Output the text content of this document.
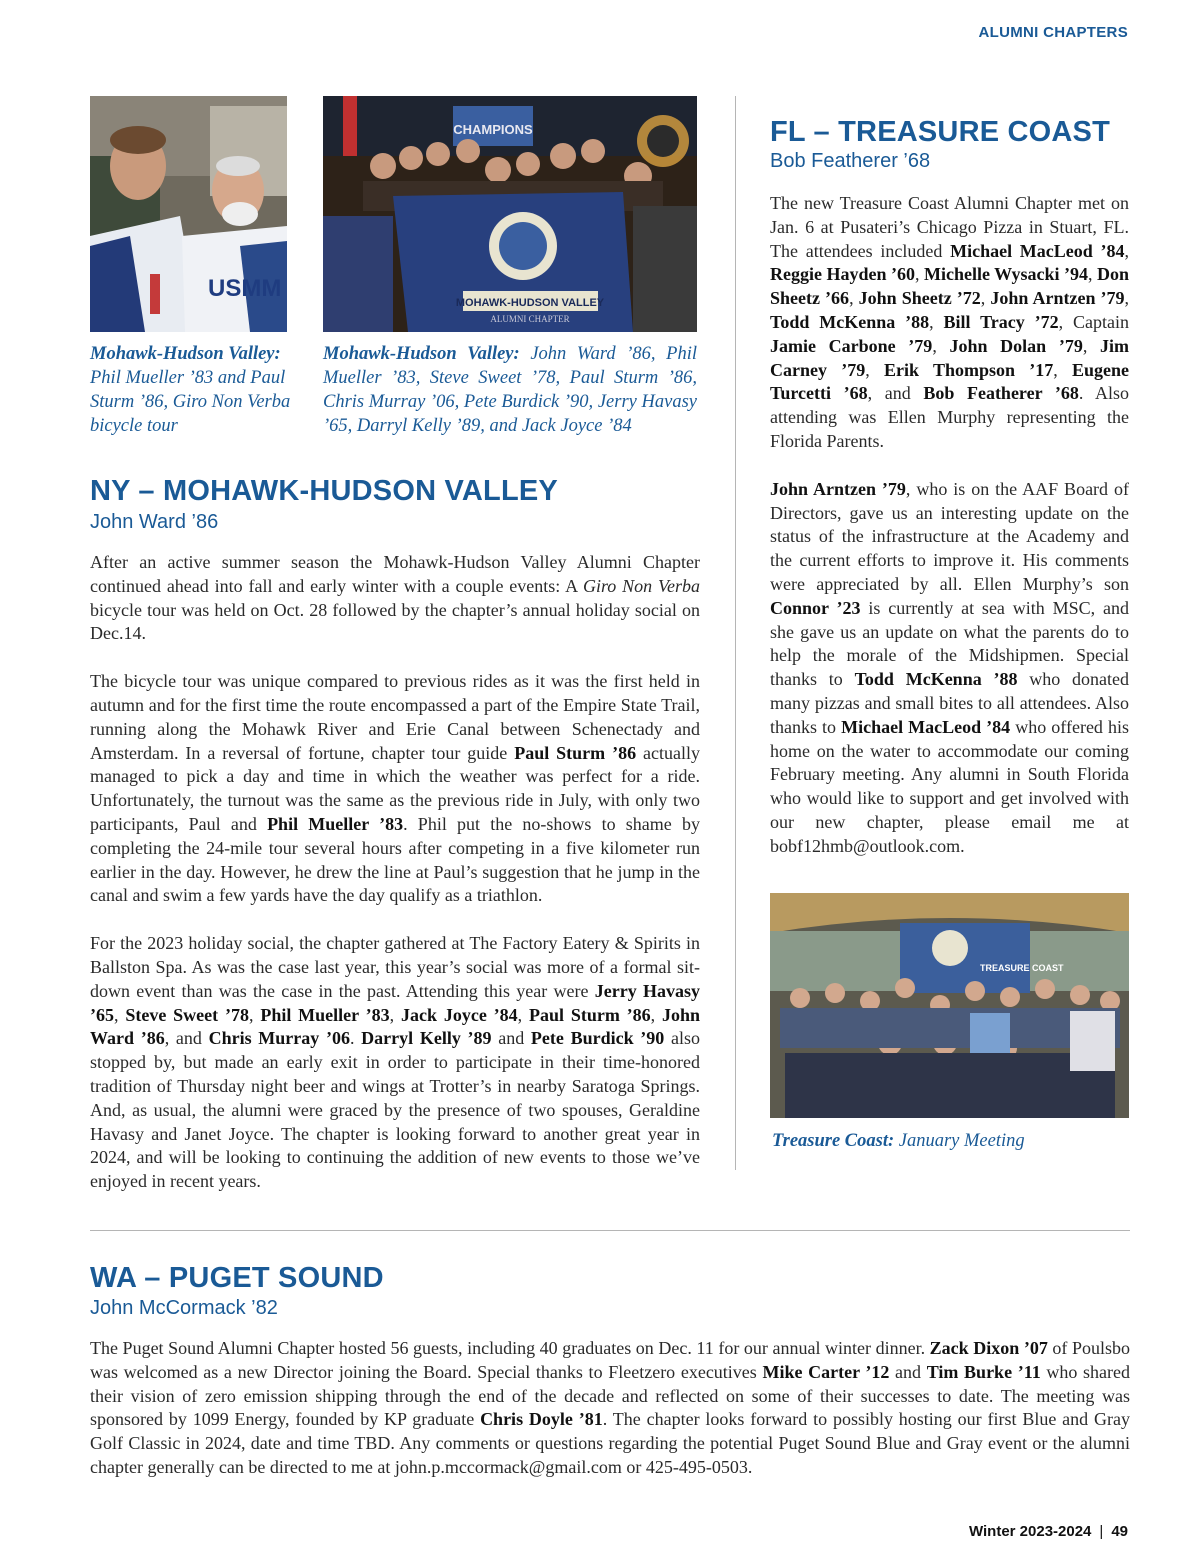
ALUMNI CHAPTERS
USMM
Mohawk-Hudson Valley: Phil Mueller ’83 and Paul Sturm ’86, Giro Non Verba bicycle tour
CHAMPIONS
MOHAWK-HUDSON VALLEY
ALUMNI CHAPTER
Mohawk-Hudson Valley: John Ward ’86, Phil Mueller ’83, Steve Sweet ’78, Paul Sturm ’86, Chris Murray ’06, Pete Burdick ’90, Jerry Havasy ’65, Darryl Kelly ’89, and Jack Joyce ’84
NY – MOHAWK-HUDSON VALLEY
John Ward ’86

After an active summer season the Mohawk-Hudson Valley Alumni Chapter continued ahead into fall and early winter with a couple events: A Giro Non Verba bicycle tour was held on Oct. 28 followed by the chapter’s annual holiday social on Dec.14.

The bicycle tour was unique compared to previous rides as it was the first held in autumn and for the first time the route encompassed a part of the Empire State Trail, running along the Mohawk River and Erie Canal between Schenectady and Amsterdam. In a reversal of fortune, chapter tour guide Paul Sturm ’86 actually managed to pick a day and time in which the weather was perfect for a ride. Unfortunately, the turnout was the same as the previous ride in July, with only two participants, Paul and Phil Mueller ’83. Phil put the no-shows to shame by completing the 24-mile tour several hours after competing in a five kilometer run earlier in the day. However, he drew the line at Paul’s suggestion that he jump in the canal and swim a few yards have the day qualify as a triathlon.

For the 2023 holiday social, the chapter gathered at The Factory Eatery & Spirits in Ballston Spa. As was the case last year, this year’s social was more of a formal sit-down event than was the case in the past. Attending this year were Jerry Havasy ’65, Steve Sweet ’78, Phil Mueller ’83, Jack Joyce ’84, Paul Sturm ’86, John Ward ’86, and Chris Murray ’06. Darryl Kelly ’89 and Pete Burdick ’90 also stopped by, but made an early exit in order to participate in their time-honored tradition of Thursday night beer and wings at Trotter’s in nearby Saratoga Springs. And, as usual, the alumni were graced by the presence of two spouses, Geraldine Havasy and Janet Joyce. The chapter is looking forward to another great year in 2024, and will be looking to continuing the addition of new events to those we’ve enjoyed in recent years.

FL – TREASURE COAST
Bob Featherer ’68

The new Treasure Coast Alumni Chapter met on Jan. 6 at Pusateri’s Chicago Pizza in Stuart, FL. The attendees included Michael MacLeod ’84, Reggie Hayden ’60, Michelle Wysacki ’94, Don Sheetz ’66, John Sheetz ’72, John Arntzen ’79, Todd McKenna ’88, Bill Tracy ’72, Captain Jamie Carbone ’79, John Dolan ’79, Jim Carney ’79, Erik Thompson ’17, Eugene Turcetti ’68, and Bob Featherer ’68. Also attending was Ellen Murphy representing the Florida Parents.

John Arntzen ’79, who is on the AAF Board of Directors, gave us an interesting update on the status of the infrastructure at the Academy and the current efforts to improve it. His comments were appreciated by all. Ellen Murphy’s son Connor ’23 is currently at sea with MSC, and she gave us an update on what the parents do to help the morale of the Midshipmen. Special thanks to Todd McKenna ’88 who donated many pizzas and small bites to all attendees. Also thanks to Michael MacLeod ’84 who offered his home on the water to accommodate our coming February meeting. Any alumni in South Florida who would like to support and get involved with our new chapter, please email me at bobf12hmb@outlook.com.

TREASURE COAST
Treasure Coast: January Meeting
WA – PUGET SOUND
John McCormack ’82

The Puget Sound Alumni Chapter hosted 56 guests, including 40 graduates on Dec. 11 for our annual winter dinner. Zack Dixon ’07 of Poulsbo was welcomed as a new Director joining the Board. Special thanks to Fleetzero executives Mike Carter ’12 and Tim Burke ’11 who shared their vision of zero emission shipping through the end of the decade and reflected on some of their successes to date. The meeting was sponsored by 1099 Energy, founded by KP graduate Chris Doyle ’81. The chapter looks forward to possibly hosting our first Blue and Gray Golf Classic in 2024, date and time TBD. Any comments or questions regarding the potential Puget Sound Blue and Gray event or the alumni chapter generally can be directed to me at john.p.mccormack@gmail.com or 425-495-0503.

Winter 2023-2024 | 49
